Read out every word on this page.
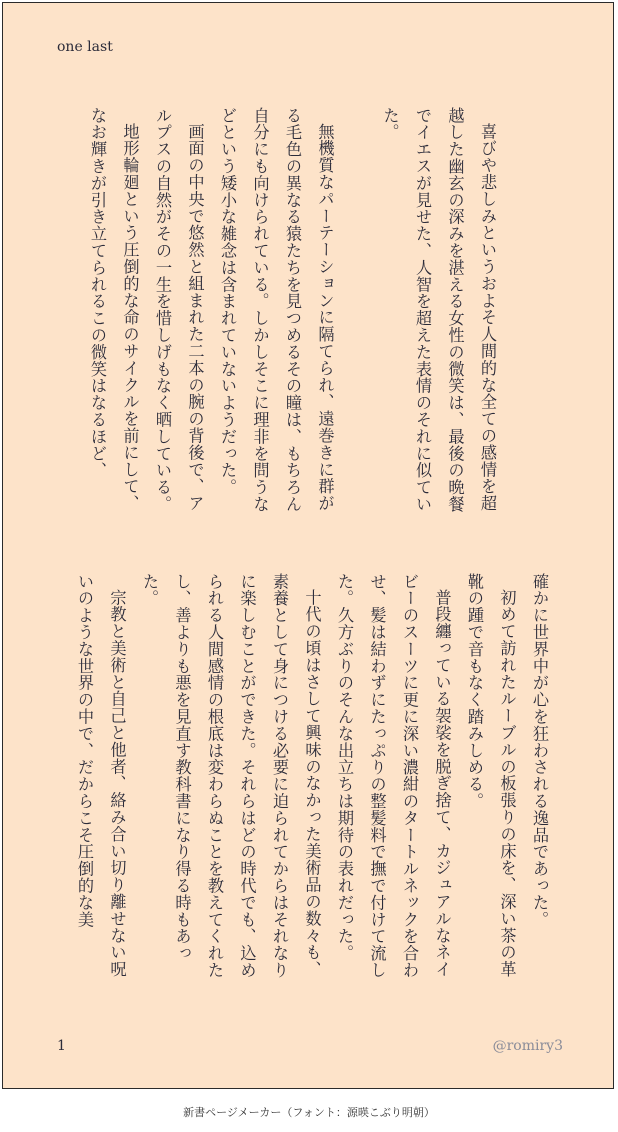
one last

喜びや悲しみというおよそ人間的な全ての感情を超越した幽玄の深みを湛える女性の微笑は、最後の晩餐でイエスが見せた、人智を超えた表情のそれに似ていた。

無機質なパーテーションに隔てられ、遠巻きに群がる毛色の異なる猿たちを見つめるその瞳は、もちろん自分にも向けられている。しかしそこに理非を問うなどという矮小な雑念は含まれていないようだった。

画面の中央で悠然と組まれた二本の腕の背後で、アルプスの自然がその一生を惜しげもなく晒している。

地形輪廻という圧倒的な命のサイクルを前にして、なお輝きが引き立てられるこの微笑はなるほど、

確かに世界中が心を狂わされる逸品であった。

初めて訪れたルーブルの板張りの床を、深い茶の革靴の踵で音もなく踏みしめる。

普段纏っている袈裟を脱ぎ捨て、カジュアルなネイビーのスーツに更に深い濃紺のタートルネックを合わせ、髪は結わずにたっぷりの整髪料で撫で付けて流した。久方ぶりのそんな出立ちは期待の表れだった。

十代の頃はさして興味のなかった美術品の数々も、素養として身につける必要に迫られてからはそれなりに楽しむことができた。それらはどの時代でも、込められる人間感情の根底は変わらぬことを教えてくれたし、善よりも悪を見直す教科書になり得る時もあった。

宗教と美術と自己と他者、絡み合い切り離せない呪いのような世界の中で、だからこそ圧倒的な美

1	@romiry3
新書ページメーカー（フォント：源暎こぶり明朝）
